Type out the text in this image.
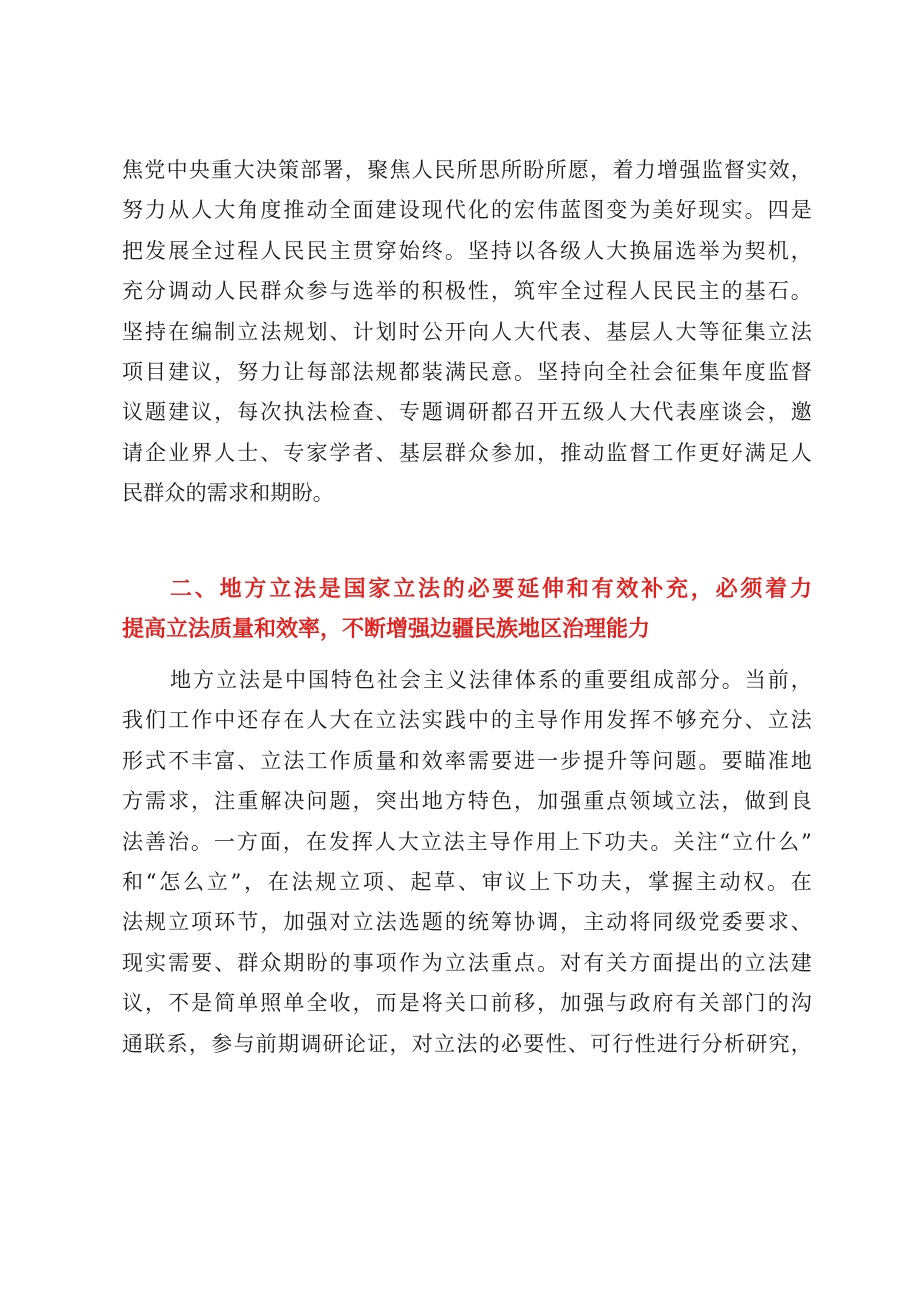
焦党中央重大决策部署，聚焦人民所思所盼所愿，着力增强监督实效，
努力从人大角度推动全面建设现代化的宏伟蓝图变为美好现实。四是
把发展全过程人民民主贯穿始终。坚持以各级人大换届选举为契机，
充分调动人民群众参与选举的积极性，筑牢全过程人民民主的基石。
坚持在编制立法规划、计划时公开向人大代表、基层人大等征集立法
项目建议，努力让每部法规都装满民意。坚持向全社会征集年度监督
议题建议，每次执法检查、专题调研都召开五级人大代表座谈会，邀
请企业界人士、专家学者、基层群众参加，推动监督工作更好满足人
民群众的需求和期盼。
二、地方立法是国家立法的必要延伸和有效补充，必须着力
提高立法质量和效率，不断增强边疆民族地区治理能力
地方立法是中国特色社会主义法律体系的重要组成部分。当前，
我们工作中还存在人大在立法实践中的主导作用发挥不够充分、立法
形式不丰富、立法工作质量和效率需要进一步提升等问题。要瞄准地
方需求，注重解决问题，突出地方特色，加强重点领域立法，做到良
法善治。一方面，在发挥人大立法主导作用上下功夫。关注“立什么”
和“怎么立”，在法规立项、起草、审议上下功夫，掌握主动权。在
法规立项环节，加强对立法选题的统筹协调，主动将同级党委要求、
现实需要、群众期盼的事项作为立法重点。对有关方面提出的立法建
议，不是简单照单全收，而是将关口前移，加强与政府有关部门的沟
通联系，参与前期调研论证，对立法的必要性、可行性进行分析研究，
